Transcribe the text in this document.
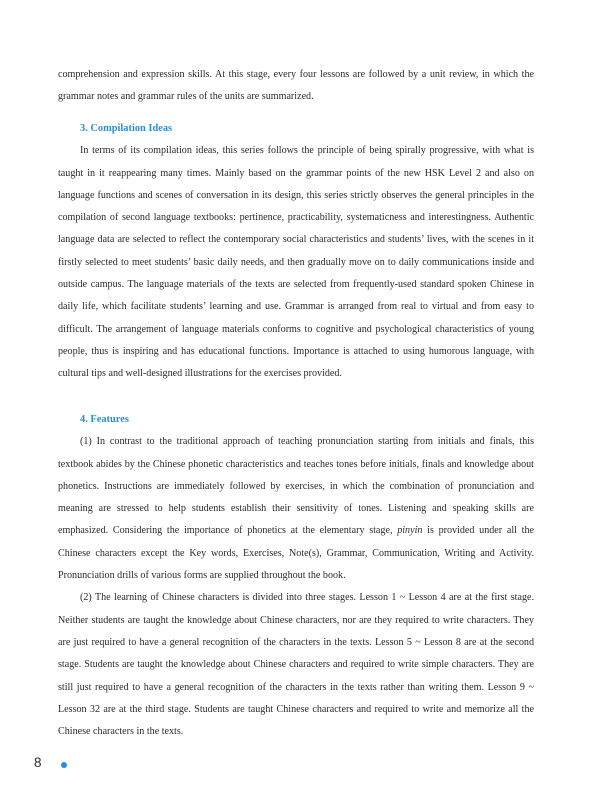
comprehension and expression skills. At this stage, every four lessons are followed by a unit review, in which the grammar notes and grammar rules of the units are summarized.

3. Compilation Ideas

In terms of its compilation ideas, this series follows the principle of being spirally progressive, with what is taught in it reappearing many times. Mainly based on the grammar points of the new HSK Level 2 and also on language functions and scenes of conversation in its design, this series strictly observes the general principles in the compilation of second language textbooks: pertinence, practicability, systematicness and interestingness. Authentic language data are selected to reflect the contemporary social characteristics and students’ lives, with the scenes in it firstly selected to meet students’ basic daily needs, and then gradually move on to daily communications inside and outside campus. The language materials of the texts are selected from frequently-used standard spoken Chinese in daily life, which facilitate students’ learning and use. Grammar is arranged from real to virtual and from easy to difficult. The arrangement of language materials conforms to cognitive and psychological characteristics of young people, thus is inspiring and has educational functions. Importance is attached to using humorous language, with cultural tips and well-designed illustrations for the exercises provided.

4. Features

(1) In contrast to the traditional approach of teaching pronunciation starting from initials and finals, this textbook abides by the Chinese phonetic characteristics and teaches tones before initials, finals and knowledge about phonetics. Instructions are immediately followed by exercises, in which the combination of pronunciation and meaning are stressed to help students establish their sensitivity of tones. Listening and speaking skills are emphasized. Considering the importance of phonetics at the elementary stage, pinyin is provided under all the Chinese characters except the Key words, Exercises, Note(s), Grammar, Communication, Writing and Activity. Pronunciation drills of various forms are supplied throughout the book.

(2) The learning of Chinese characters is divided into three stages. Lesson 1 ~ Lesson 4 are at the first stage. Neither students are taught the knowledge about Chinese characters, nor are they required to write characters. They are just required to have a general recognition of the characters in the texts. Lesson 5 ~ Lesson 8 are at the second stage. Students are taught the knowledge about Chinese characters and required to write simple characters. They are still just required to have a general recognition of the characters in the texts rather than writing them. Lesson 9 ~ Lesson 32 are at the third stage. Students are taught Chinese characters and required to write and memorize all the Chinese characters in the texts.

8
